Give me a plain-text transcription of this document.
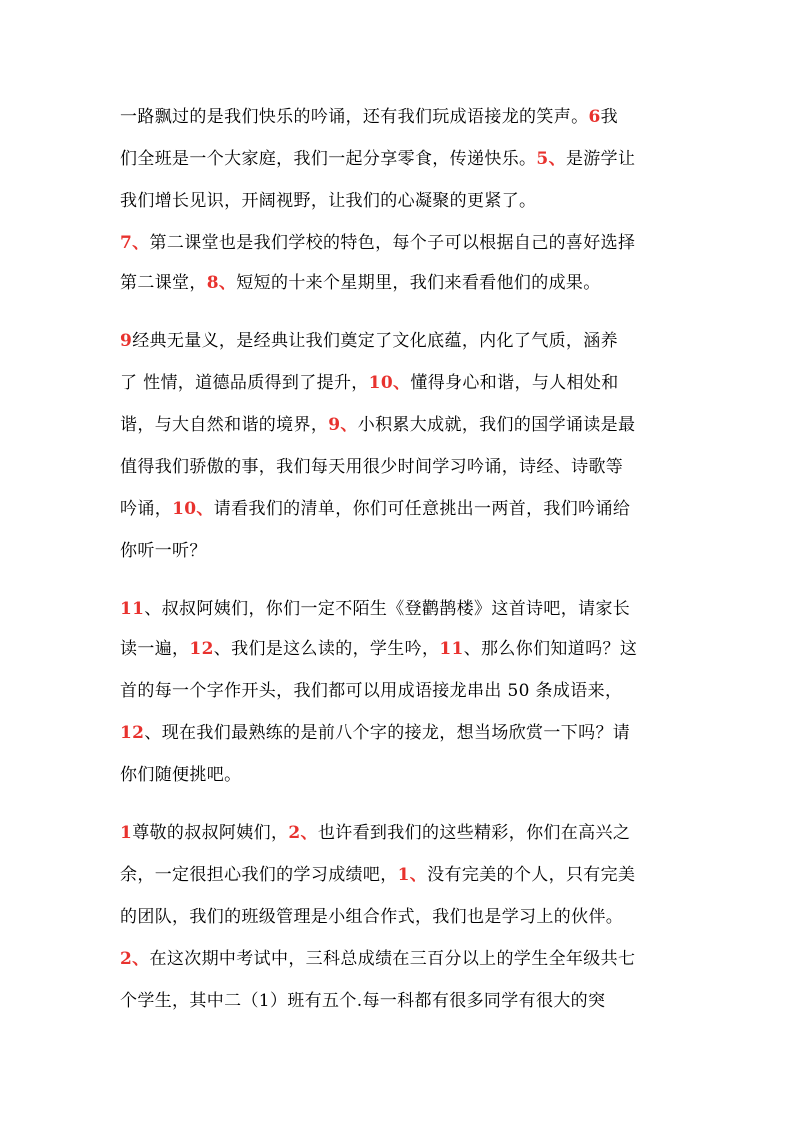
一路飘过的是我们快乐的吟诵，还有我们玩成语接龙的笑声。6我
们全班是一个大家庭，我们一起分享零食，传递快乐。5、是游学让
我们增长见识，开阔视野，让我们的心凝聚的更紧了。
7、第二课堂也是我们学校的特色，每个子可以根据自己的喜好选择
第二课堂，8、短短的十来个星期里，我们来看看他们的成果。
9经典无量义，是经典让我们奠定了文化底蕴，内化了气质，涵养
了 性情，道德品质得到了提升，10、懂得身心和谐，与人相处和
谐，与大自然和谐的境界，9、小积累大成就，我们的国学诵读是最
值得我们骄傲的事，我们每天用很少时间学习吟诵，诗经、诗歌等
吟诵，10、请看我们的清单，你们可任意挑出一两首，我们吟诵给
你听一听？
11、叔叔阿姨们，你们一定不陌生《登鹳鹊楼》这首诗吧，请家长
读一遍，12、我们是这么读的，学生吟，11、那么你们知道吗？这
首的每一个字作开头，我们都可以用成语接龙串出 50 条成语来，
12、现在我们最熟练的是前八个字的接龙，想当场欣赏一下吗？请
你们随便挑吧。
1尊敬的叔叔阿姨们，2、也许看到我们的这些精彩，你们在高兴之
余，一定很担心我们的学习成绩吧，1、没有完美的个人，只有完美
的团队，我们的班级管理是小组合作式，我们也是学习上的伙伴。
2、在这次期中考试中，三科总成绩在三百分以上的学生全年级共七
个学生，其中二（1）班有五个.每一科都有很多同学有很大的突
